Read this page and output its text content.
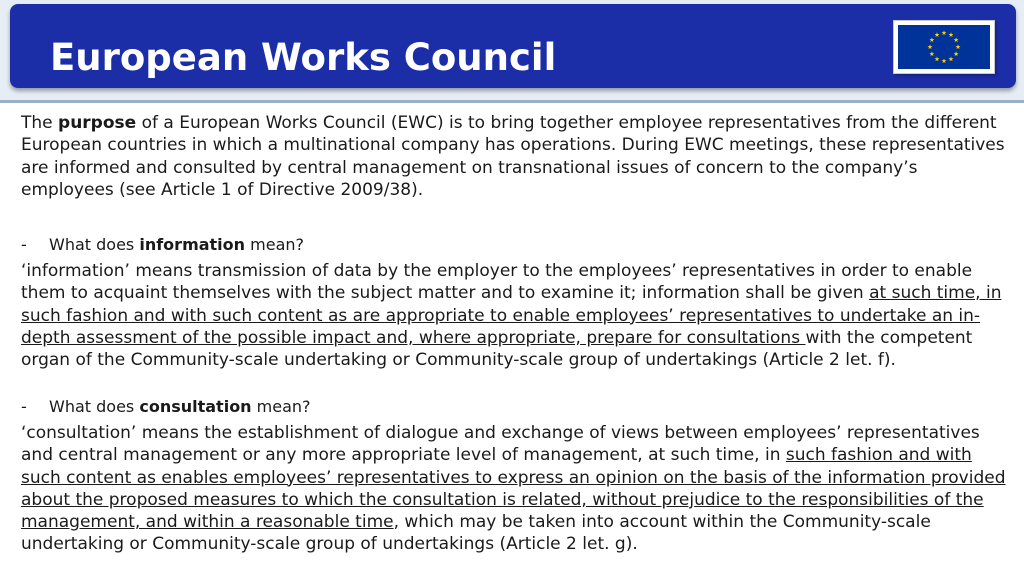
European Works Council

The purpose of a European Works Council (EWC) is to bring together employee representatives from the different European countries in which a multinational company has operations. During EWC meetings, these representatives are informed and consulted by central management on transnational issues of concern to the company’s employees (see Article 1 of Directive 2009/38).

- What does information mean?

‘information’ means transmission of data by the employer to the employees’ representatives in order to enable them to acquaint themselves with the subject matter and to examine it; information shall be given at such time, in such fashion and with such content as are appropriate to enable employees’ representatives to undertake an in-depth assessment of the possible impact and, where appropriate, prepare for consultations with the competent organ of the Community-scale undertaking or Community-scale group of undertakings (Article 2 let. f).

- What does consultation mean?

‘consultation’ means the establishment of dialogue and exchange of views between employees’ representatives and central management or any more appropriate level of management, at such time, in such fashion and with such content as enables employees’ representatives to express an opinion on the basis of the information provided about the proposed measures to which the consultation is related, without prejudice to the responsibilities of the management, and within a reasonable time, which may be taken into account within the Community-scale undertaking or Community-scale group of undertakings (Article 2 let. g).
